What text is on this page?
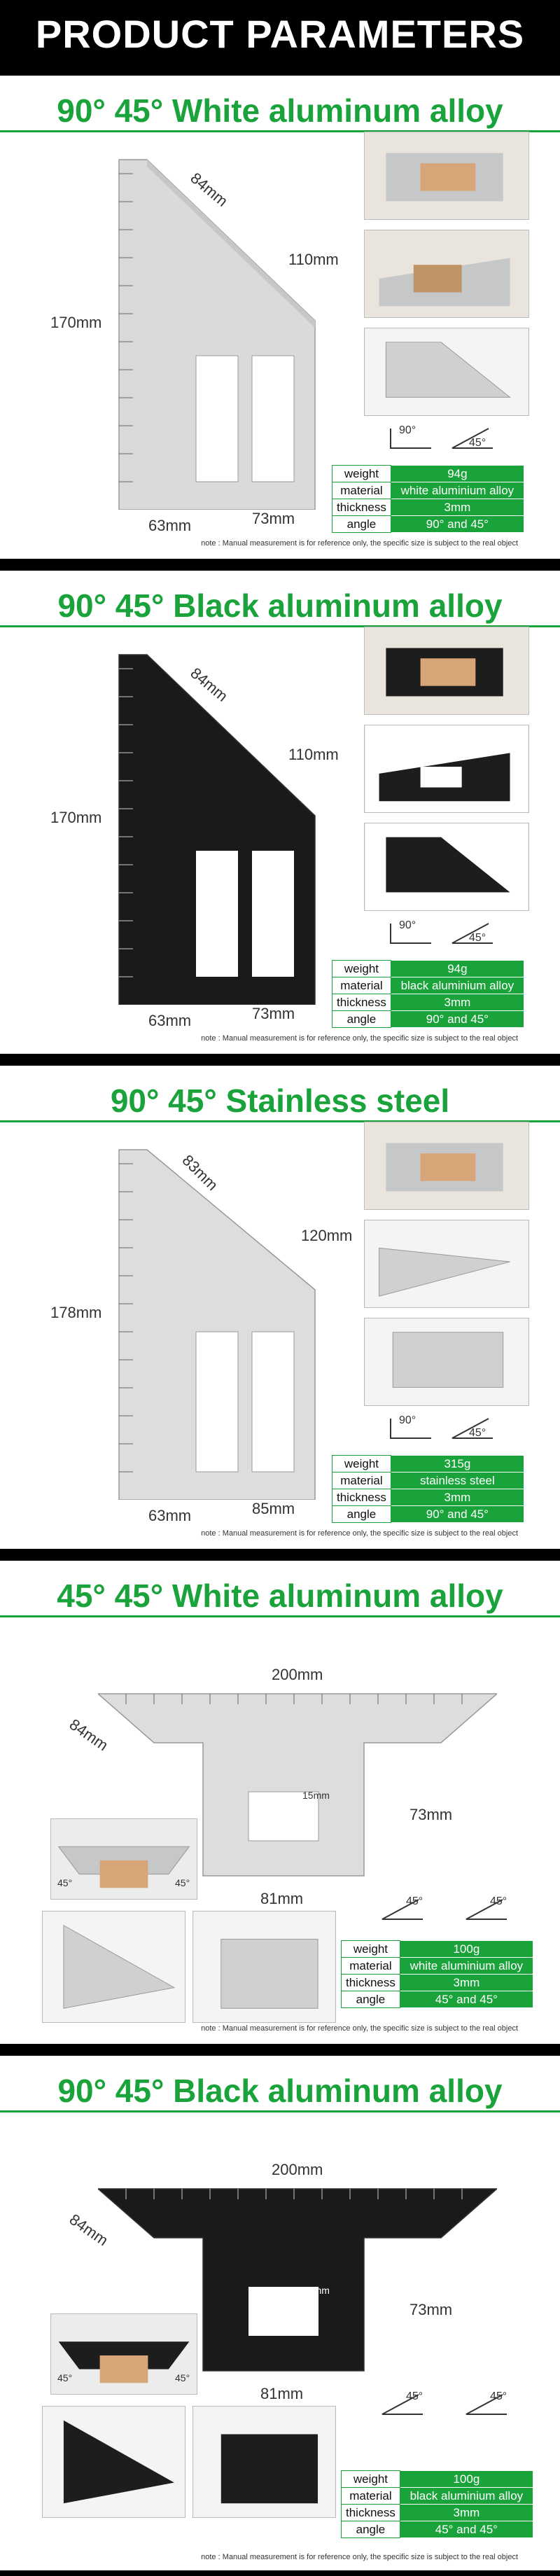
PRODUCT PARAMETERS
90° 45° White aluminum alloy
84mm
110mm
170mm
63mm	73mm
90°
45°
weight	94g
material	white aluminium alloy
thickness	3mm
angle	90° and 45°
note : Manual measurement is for reference only, the specific size is subject to the real object
90° 45° Black aluminum alloy
84mm
110mm
170mm
63mm	73mm
90°
45°
weight	94g
material	black aluminium alloy
thickness	3mm
angle	90° and 45°
note : Manual measurement is for reference only, the specific size is subject to the real object
90° 45° Stainless steel
83mm
120mm
178mm
63mm	85mm
90°
45°
weight	315g
material	stainless steel
thickness	3mm
angle	90° and 45°
note : Manual measurement is for reference only, the specific size is subject to the real object
45° 45° White aluminum alloy
200mm
84mm
73mm
81mm
15mm
45°	45°
45°	45°
weight	100g
material	white aluminium alloy
thickness	3mm
angle	45° and 45°
note : Manual measurement is for reference only, the specific size is subject to the real object
90° 45° Black aluminum alloy
200mm
84mm
73mm
81mm
15mm
45°	45°
45°	45°
weight	100g
material	black aluminium alloy
thickness	3mm
angle	45° and 45°
note : Manual measurement is for reference only, the specific size is subject to the real object
